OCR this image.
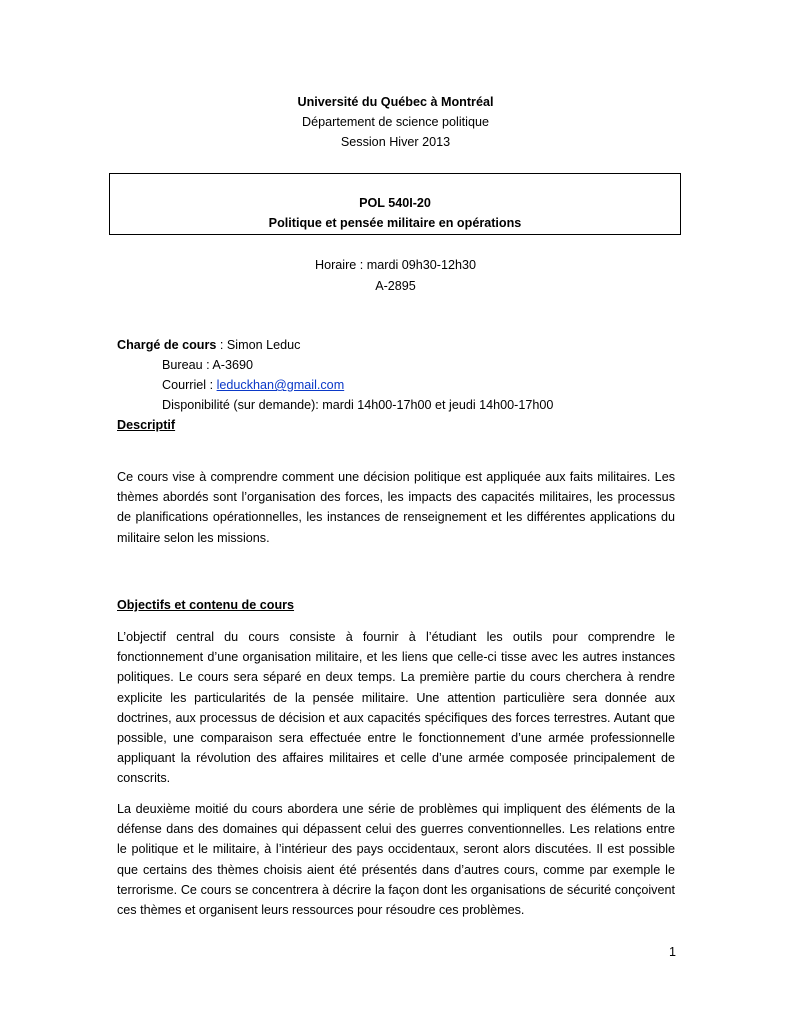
Université du Québec à Montréal
Département de science politique
Session Hiver 2013
POL 540I-20
Politique et pensée militaire en opérations
Horaire : mardi 09h30-12h30
A-2895
Chargé de cours : Simon Leduc
Bureau : A-3690
Courriel : leduckhan@gmail.com
Disponibilité (sur demande): mardi 14h00-17h00 et jeudi 14h00-17h00
Descriptif
Ce cours vise à comprendre comment une décision politique est appliquée aux faits militaires. Les thèmes abordés sont l’organisation des forces, les impacts des capacités militaires, les processus de planifications opérationnelles, les instances de renseignement et les différentes applications du militaire selon les missions.
Objectifs et contenu de cours
L’objectif central du cours consiste à fournir à l’étudiant les outils pour comprendre le fonctionnement d’une organisation militaire, et les liens que celle-ci tisse avec les autres instances politiques. Le cours sera séparé en deux temps. La première partie du cours cherchera à rendre explicite les particularités de la pensée militaire. Une attention particulière sera donnée aux doctrines, aux processus de décision et aux capacités spécifiques des forces terrestres. Autant que possible, une comparaison sera effectuée entre le fonctionnement d’une armée professionnelle appliquant la révolution des affaires militaires et celle d’une armée composée principalement de conscrits.
La deuxième moitié du cours abordera une série de problèmes qui impliquent des éléments de la défense dans des domaines qui dépassent celui des guerres conventionnelles. Les relations entre le politique et le militaire, à l’intérieur des pays occidentaux, seront alors discutées. Il est possible que certains des thèmes choisis aient été présentés dans d’autres cours, comme par exemple le terrorisme. Ce cours se concentrera à décrire la façon dont les organisations de sécurité conçoivent ces thèmes et organisent leurs ressources pour résoudre ces problèmes.
1
